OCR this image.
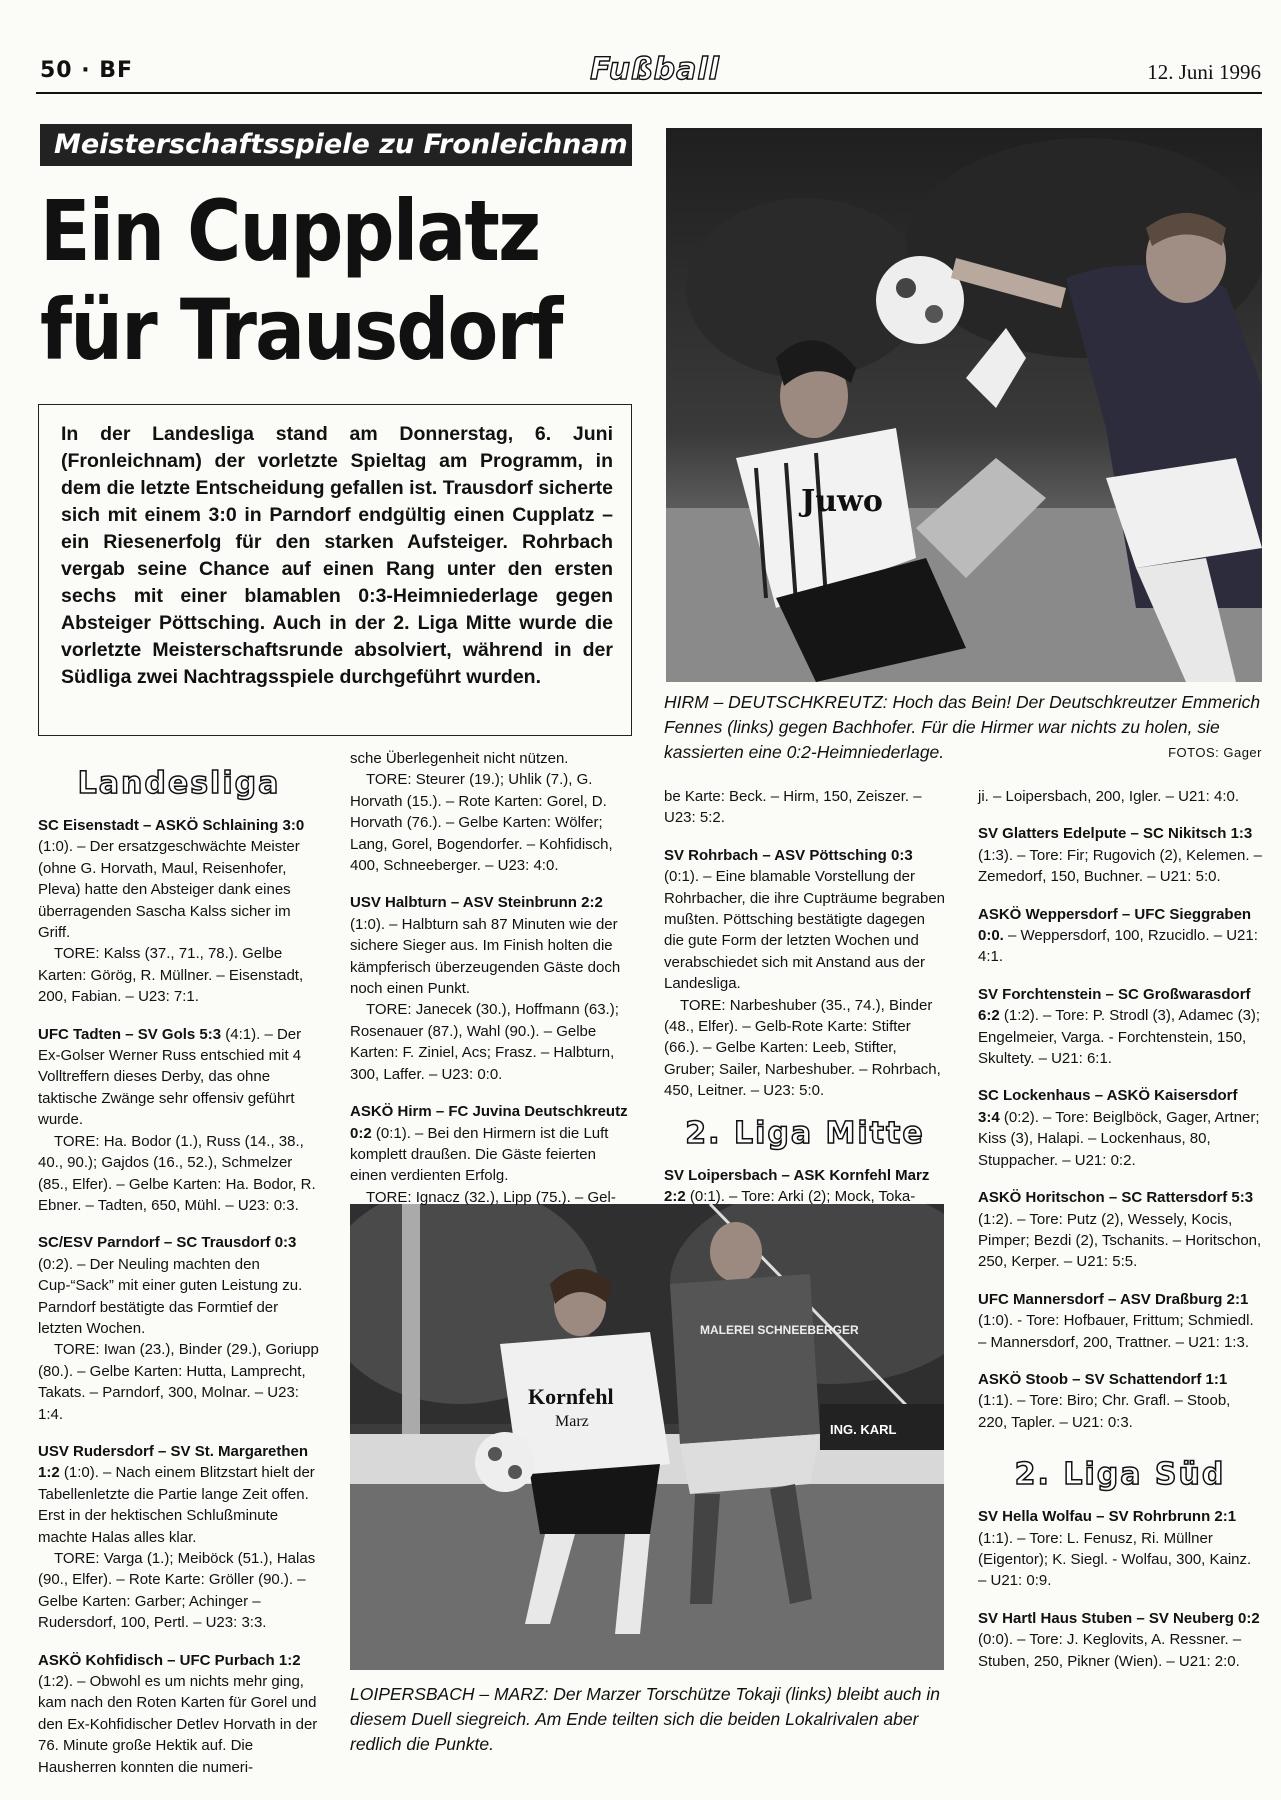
50 · BF	Fußball	12. Juni 1996
Meisterschaftsspiele zu Fronleichnam
Ein Cupplatz
für Trausdorf
In der Landesliga stand am Donnerstag, 6. Juni (Fronleichnam) der vorletzte Spieltag am Programm, in dem die letzte Entscheidung gefallen ist. Trausdorf sicherte sich mit einem 3:0 in Parndorf endgültig einen Cupplatz – ein Riesenerfolg für den starken Aufsteiger. Rohrbach vergab seine Chance auf einen Rang unter den ersten sechs mit einer blamablen 0:3-Heimniederlage gegen Absteiger Pöttsching. Auch in der 2. Liga Mitte wurde die vorletzte Meisterschaftsrunde absolviert, während in der Südliga zwei Nachtragsspiele durchgeführt wurden.
Juwo
HIRM – DEUTSCHKREUTZ: Hoch das Bein! Der Deutschkreutzer Emmerich Fennes (links) gegen Bachhofer. Für die Hirmer war nichts zu holen, sie kassierten eine 0:2-Heimniederlage.	FOTOS: Gager
ING. KARL
Kornfehl
Marz
MALEREI SCHNEEBERGER
LOIPERSBACH – MARZ: Der Marzer Torschütze Tokaji (links) bleibt auch in diesem Duell siegreich. Am Ende teilten sich die beiden Lokalrivalen aber redlich die Punkte.
Landesliga

SC Eisenstadt – ASKÖ Schlaining 3:0 (1:0). – Der ersatzgeschwächte Meister (ohne G. Horvath, Maul, Reisenhofer, Pleva) hatte den Absteiger dank eines überragenden Sascha Kalss sicher im Griff.

TORE: Kalss (37., 71., 78.). Gelbe Karten: Görög, R. Müllner. – Eisenstadt, 200, Fabian. – U23: 7:1.

UFC Tadten – SV Gols 5:3 (4:1). – Der Ex-Golser Werner Russ entschied mit 4 Volltreffern dieses Derby, das ohne taktische Zwänge sehr offensiv geführt wurde.

TORE: Ha. Bodor (1.), Russ (14., 38., 40., 90.); Gajdos (16., 52.), Schmelzer (85., Elfer). – Gelbe Karten: Ha. Bodor, R. Ebner. – Tadten, 650, Mühl. – U23: 0:3.

SC/ESV Parndorf – SC Trausdorf 0:3 (0:2). – Der Neuling machten den Cup-“Sack” mit einer guten Leistung zu. Parndorf bestätigte das Formtief der letzten Wochen.

TORE: Iwan (23.), Binder (29.), Goriupp (80.). – Gelbe Karten: Hutta, Lamprecht, Takats. – Parndorf, 300, Molnar. – U23: 1:4.

USV Rudersdorf – SV St. Margarethen 1:2 (1:0). – Nach einem Blitzstart hielt der Tabellenletzte die Partie lange Zeit offen. Erst in der hektischen Schlußminute machte Halas alles klar.

TORE: Varga (1.); Meiböck (51.), Halas (90., Elfer). – Rote Karte: Gröller (90.). – Gelbe Karten: Garber; Achinger – Rudersdorf, 100, Pertl. – U23: 3:3.

ASKÖ Kohfidisch – UFC Purbach 1:2 (1:2). – Obwohl es um nichts mehr ging, kam nach den Roten Karten für Gorel und den Ex-Kohfidischer Detlev Horvath in der 76. Minute große Hektik auf. Die Hausherren konnten die numeri-

sche Überlegenheit nicht nützen.

TORE: Steurer (19.); Uhlik (7.), G. Horvath (15.). – Rote Karten: Gorel, D. Horvath (76.). – Gelbe Karten: Wölfer; Lang, Gorel, Bogendorfer. – Kohfidisch, 400, Schneeberger. – U23: 4:0.

USV Halbturn – ASV Steinbrunn 2:2 (1:0). – Halbturn sah 87 Minuten wie der sichere Sieger aus. Im Finish holten die kämpferisch überzeugenden Gäste doch noch einen Punkt.

TORE: Janecek (30.), Hoffmann (63.); Rosenauer (87.), Wahl (90.). – Gelbe Karten: F. Ziniel, Acs; Frasz. – Halbturn, 300, Laffer. – U23: 0:0.

ASKÖ Hirm – FC Juvina Deutschkreutz 0:2 (0:1). – Bei den Hirmern ist die Luft komplett draußen. Die Gäste feierten einen verdienten Erfolg.

TORE: Ignacz (32.), Lipp (75.). – Gel-

be Karte: Beck. – Hirm, 150, Zeiszer. – U23: 5:2.

SV Rohrbach – ASV Pöttsching 0:3 (0:1). – Eine blamable Vorstellung der Rohrbacher, die ihre Cupträume begraben mußten. Pöttsching bestätigte dagegen die gute Form der letzten Wochen und verabschiedet sich mit Anstand aus der Landesliga.

TORE: Narbeshuber (35., 74.), Binder (48., Elfer). – Gelb-Rote Karte: Stifter (66.). – Gelbe Karten: Leeb, Stifter, Gruber; Sailer, Narbeshuber. – Rohrbach, 450, Leitner. – U23: 5:0.

2. Liga Mitte

SV Loipersbach – ASK Kornfehl Marz 2:2 (0:1). – Tore: Arki (2); Mock, Toka-

ji. – Loipersbach, 200, Igler. – U21: 4:0.

SV Glatters Edelpute – SC Nikitsch 1:3 (1:3). – Tore: Fir; Rugovich (2), Kelemen. – Zemedorf, 150, Buchner. – U21: 5:0.

ASKÖ Weppersdorf – UFC Sieggraben 0:0. – Weppersdorf, 100, Rzucidlo. – U21: 4:1.

SV Forchtenstein – SC Großwarasdorf 6:2 (1:2). – Tore: P. Strodl (3), Adamec (3); Engelmeier, Varga. - Forchtenstein, 150, Skultety. – U21: 6:1.

SC Lockenhaus – ASKÖ Kaisersdorf 3:4 (0:2). – Tore: Beiglböck, Gager, Artner; Kiss (3), Halapi. – Lockenhaus, 80, Stuppacher. – U21: 0:2.

ASKÖ Horitschon – SC Rattersdorf 5:3 (1:2). – Tore: Putz (2), Wessely, Kocis, Pimper; Bezdi (2), Tschanits. – Horitschon, 250, Kerper. – U21: 5:5.

UFC Mannersdorf – ASV Draßburg 2:1 (1:0). - Tore: Hofbauer, Frittum; Schmiedl. – Mannersdorf, 200, Trattner. – U21: 1:3.

ASKÖ Stoob – SV Schattendorf 1:1 (1:1). – Tore: Biro; Chr. Grafl. – Stoob, 220, Tapler. – U21: 0:3.

2. Liga Süd

SV Hella Wolfau – SV Rohrbrunn 2:1 (1:1). – Tore: L. Fenusz, Ri. Müllner (Eigentor); K. Siegl. - Wolfau, 300, Kainz. – U21: 0:9.

SV Hartl Haus Stuben – SV Neuberg 0:2 (0:0). – Tore: J. Keglovits, A. Ressner. – Stuben, 250, Pikner (Wien). – U21: 2:0.
